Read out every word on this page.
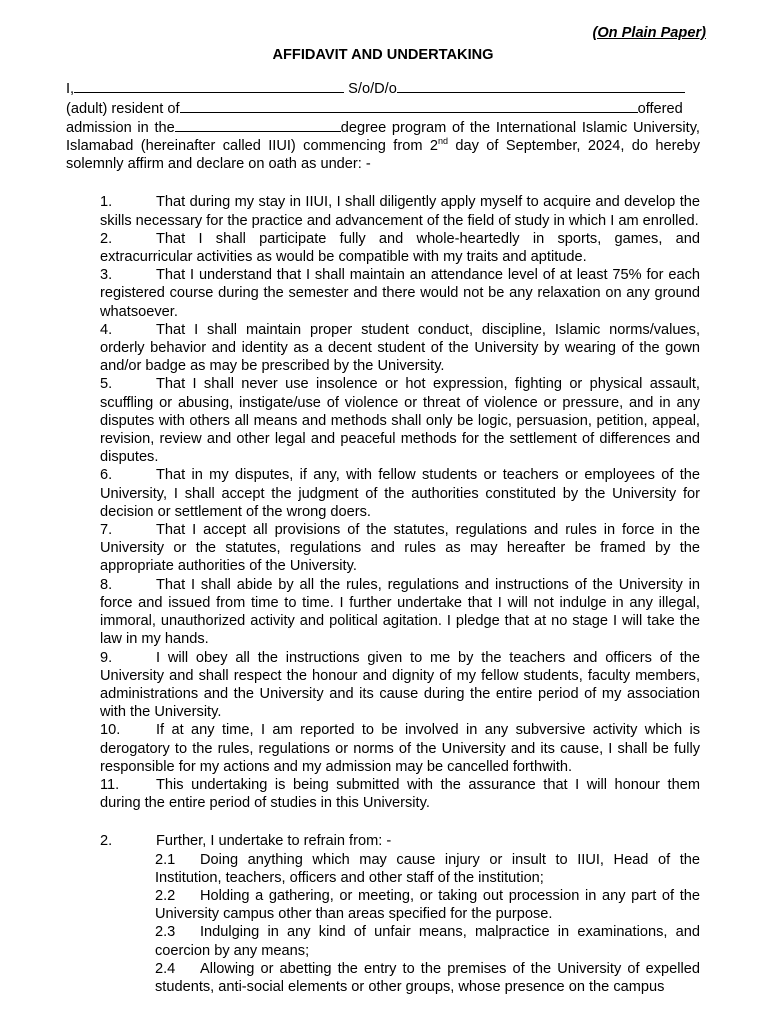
(On Plain Paper)
AFFIDAVIT AND UNDERTAKING
I,	S/o/D/o
(adult) resident of	offered
admission in the	degree program of the International Islamic University, Islamabad (hereinafter called IIUI) commencing from 2nd day of September, 2024, do hereby solemnly affirm and declare on oath as under: -
1.	That during my stay in IIUI, I shall diligently apply myself to acquire and develop the skills necessary for the practice and advancement of the field of study in which I am enrolled.
2.	That I shall participate fully and whole-heartedly in sports, games, and extracurricular activities as would be compatible with my traits and aptitude.
3.	That I understand that I shall maintain an attendance level of at least 75% for each registered course during the semester and there would not be any relaxation on any ground whatsoever.
4.	That I shall maintain proper student conduct, discipline, Islamic norms/values, orderly behavior and identity as a decent student of the University by wearing of the gown and/or badge as may be prescribed by the University.
5.	That I shall never use insolence or hot expression, fighting or physical assault, scuffling or abusing, instigate/use of violence or threat of violence or pressure, and in any disputes with others all means and methods shall only be logic, persuasion, petition, appeal, revision, review and other legal and peaceful methods for the settlement of differences and disputes.
6.	That in my disputes, if any, with fellow students or teachers or employees of the University, I shall accept the judgment of the authorities constituted by the University for decision or settlement of the wrong doers.
7.	That I accept all provisions of the statutes, regulations and rules in force in the University or the statutes, regulations and rules as may hereafter be framed by the appropriate authorities of the University.
8.	That I shall abide by all the rules, regulations and instructions of the University in force and issued from time to time. I further undertake that I will not indulge in any illegal, immoral, unauthorized activity and political agitation. I pledge that at no stage I will take the law in my hands.
9.	I will obey all the instructions given to me by the teachers and officers of the University and shall respect the honour and dignity of my fellow students, faculty members, administrations and the University and its cause during the entire period of my association with the University.
10. If at any time, I am reported to be involved in any subversive activity which is derogatory to the rules, regulations or norms of the University and its cause, I shall be fully responsible for my actions and my admission may be cancelled forthwith.
11.	This undertaking is being submitted with the assurance that I will honour them during the entire period of studies in this University.
2.	Further, I undertake to refrain from: -
2.1 Doing anything which may cause injury or insult to IIUI, Head of the Institution, teachers, officers and other staff of the institution;
2.2 Holding a gathering, or meeting, or taking out procession in any part of the University campus other than areas specified for the purpose.
2.3 Indulging in any kind of unfair means, malpractice in examinations, and coercion by any means;
2.4 Allowing or abetting the entry to the premises of the University of expelled students, anti-social elements or other groups, whose presence on the campus
